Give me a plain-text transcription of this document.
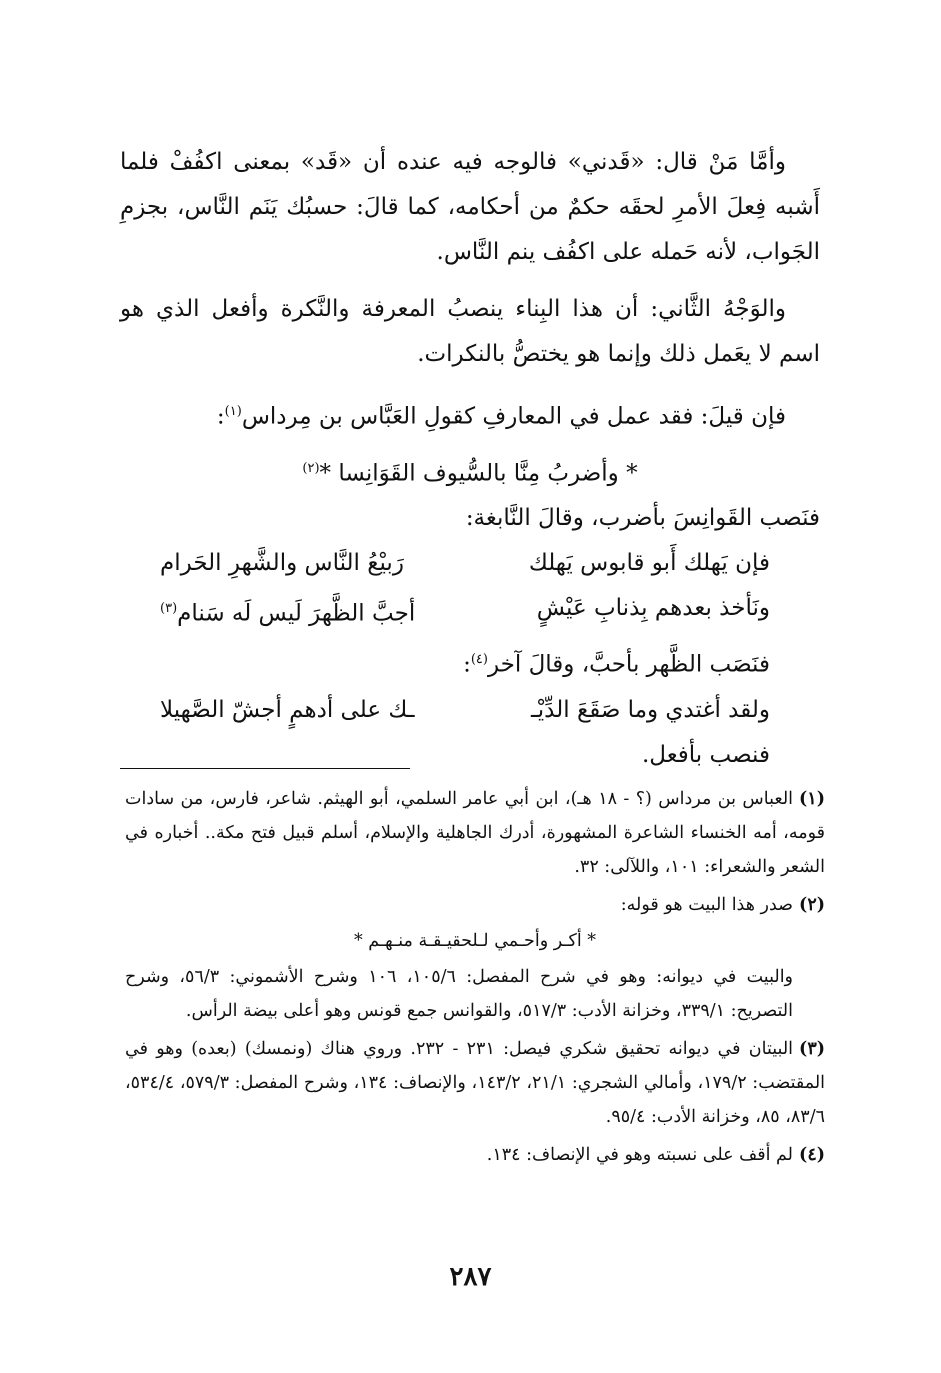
وأمَّا مَنْ قال: «قَدني» فالوجه فيه عنده أن «قَد» بمعنى اكفُفْ فلما أَشبه فِعلَ الأمرِ لحقَه حكمٌ من أحكامه، كما قالَ: حسبُك يَنَم النَّاس، بجزمِ الجَواب، لأنه حَمله على اكفُف ينم النَّاس.

والوَجْهُ الثَّاني: أن هذا البِناء ينصبُ المعرفة والنَّكرة وأفعل الذي هو اسم لا يعَمل ذلك وإنما هو يختصُّ بالنكرات.

فإن قيلَ: فقد عمل في المعارفِ كقولِ العَبَّاس بن مِرداس$^{(١)}$:

* وأضربُ مِنَّا بالسُّيوف القَوَانِسا *$^{(٢)}$

فنَصب القَوانِسَ بأضرب، وقالَ النَّابغة:

فإن يَهلك أَبو قابوس يَهلك
رَبيْعُ النَّاس والشَّهرِ الحَرام
ونَأخذ بعدهم بِذنابِ عَيْشٍ
أجبَّ الظَّهرَ لَيس لَه سَنام$^{(٣)}$
فنَصَب الظَّهر بأحبَّ، وقالَ آخر$^{(٤)}$:
ولقد أغتدي وما صَقَعَ الدِّيْـ
ـك على أدهمٍ أجشّ الصَّهيلا
فنصب بأفعل.
(١)العباس بن مرداس (؟ - ١٨ هـ)، ابن أبي عامر السلمي، أبو الهيثم. شاعر، فارس، من سادات قومه، أمه الخنساء الشاعرة المشهورة، أدرك الجاهلية والإسلام، أسلم قبيل فتح مكة.. أخباره في الشعر والشعراء: ١٠١، واللآلى: ٣٢.
(٢)صدر هذا البيت هو قوله:
* أكـر وأحـمي لـلحقيـقـة منـهـم *
والبيت في ديوانه: وهو في شرح المفصل: ١٠٥/٦، ١٠٦ وشرح الأشموني: ٥٦/٣، وشرح التصريح: ٣٣٩/١، وخزانة الأدب: ٥١٧/٣، والقوانس جمع قونس وهو أعلى بيضة الرأس.
(٣)البيتان في ديوانه تحقيق شكري فيصل: ٢٣١ - ٢٣٢. وروي هناك (ونمسك) (بعده) وهو في المقتضب: ١٧٩/٢، وأمالي الشجري: ٢١/١، ١٤٣/٢، والإنصاف: ١٣٤، وشرح المفصل: ٥٧٩/٣، ٥٣٤/٤، ٨٣/٦، ٨٥، وخزانة الأدب: ٩٥/٤.
(٤)لم أقف على نسبته وهو في الإنصاف: ١٣٤.
٢٨٧
